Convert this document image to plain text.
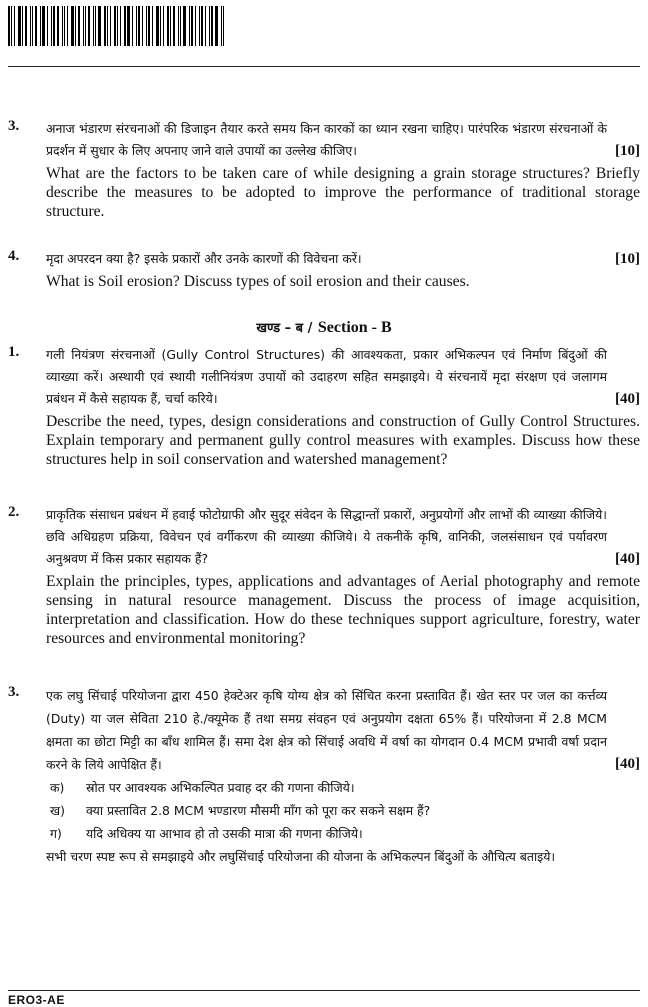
3.
[10]
अनाज भंडारण संरचनाओं की डिजाइन तैयार करते समय किन कारकों का ध्यान रखना चाहिए। पारंपरिक भंडारण संरचनाओं के प्रदर्शन में सुधार के लिए अपनाए जाने वाले उपायों का उल्लेख कीजिए।
What are the factors to be taken care of while designing a grain storage structures? Briefly describe the measures to be adopted to improve the performance of traditional storage structure.
4.	[10]
मृदा अपरदन क्या है? इसके प्रकारों और उनके कारणों की विवेचना करें।
What is Soil erosion? Discuss types of soil erosion and their causes.
खण्ड – ब / Section - B
1.
[40]
गली नियंत्रण संरचनाओं (Gully Control Structures) की आवश्यकता, प्रकार अभिकल्पन एवं निर्माण बिंदुओं की व्याख्या करें। अस्थायी एवं स्थायी गलीनियंत्रण उपायों को उदाहरण सहित समझाइये। ये संरचनायें मृदा संरक्षण एवं जलागम प्रबंधन में कैसे सहायक हैं, चर्चा करिये।
Describe the need, types, design considerations and construction of Gully Control Structures. Explain temporary and permanent gully control measures with examples. Discuss how these structures help in soil conservation and watershed management?
2.
[40]
प्राकृतिक संसाधन प्रबंधन में हवाई फोटोग्राफी और सुदूर संवेदन के सिद्धान्तों प्रकारों, अनुप्रयोगों और लाभों की व्याख्या कीजिये। छवि अधिग्रहण प्रक्रिया, विवेचन एवं वर्गीकरण की व्याख्या कीजिये। ये तकनीकें कृषि, वानिकी, जलसंसाधन एवं पर्यावरण अनुश्रवण में किस प्रकार सहायक हैं?
Explain the principles, types, applications and advantages of Aerial photography and remote sensing in natural resource management. Discuss the process of image acquisition, interpretation and classification. How do these techniques support agriculture, forestry, water resources and environmental monitoring?
3.
[40]
एक लघु सिंचाई परियोजना द्वारा 450 हेक्टेअर कृषि योग्य क्षेत्र को सिंचित करना प्रस्तावित हैं। खेत स्तर पर जल का कर्त्तव्य (Duty) या जल सेविता 210 हे./क्यूमेक हैं तथा समग्र संवहन एवं अनुप्रयोग दक्षता 65% हैं। परियोजना में 2.8 MCM क्षमता का छोटा मिट्टी का बाँध शामिल हैं। समा देश क्षेत्र को सिंचाई अवधि में वर्षा का योगदान 0.4 MCM प्रभावी वर्षा प्रदान करने के लिये आपेक्षित हैं।
क)	स्रोत पर आवश्यक अभिकल्पित प्रवाह दर की गणना कीजिये।
ख)	क्या प्रस्तावित 2.8 MCM भण्डारण मौसमी माँग को पूरा कर सकने सक्षम हैं?
ग)	यदि अधिक्य या आभाव हो तो उसकी मात्रा की गणना कीजिये।
सभी चरण स्पष्ट रूप से समझाइये और लघुसिंचाई परियोजना की योजना के अभिकल्पन बिंदुओं के औचित्य बताइये।
ERO3-AE
